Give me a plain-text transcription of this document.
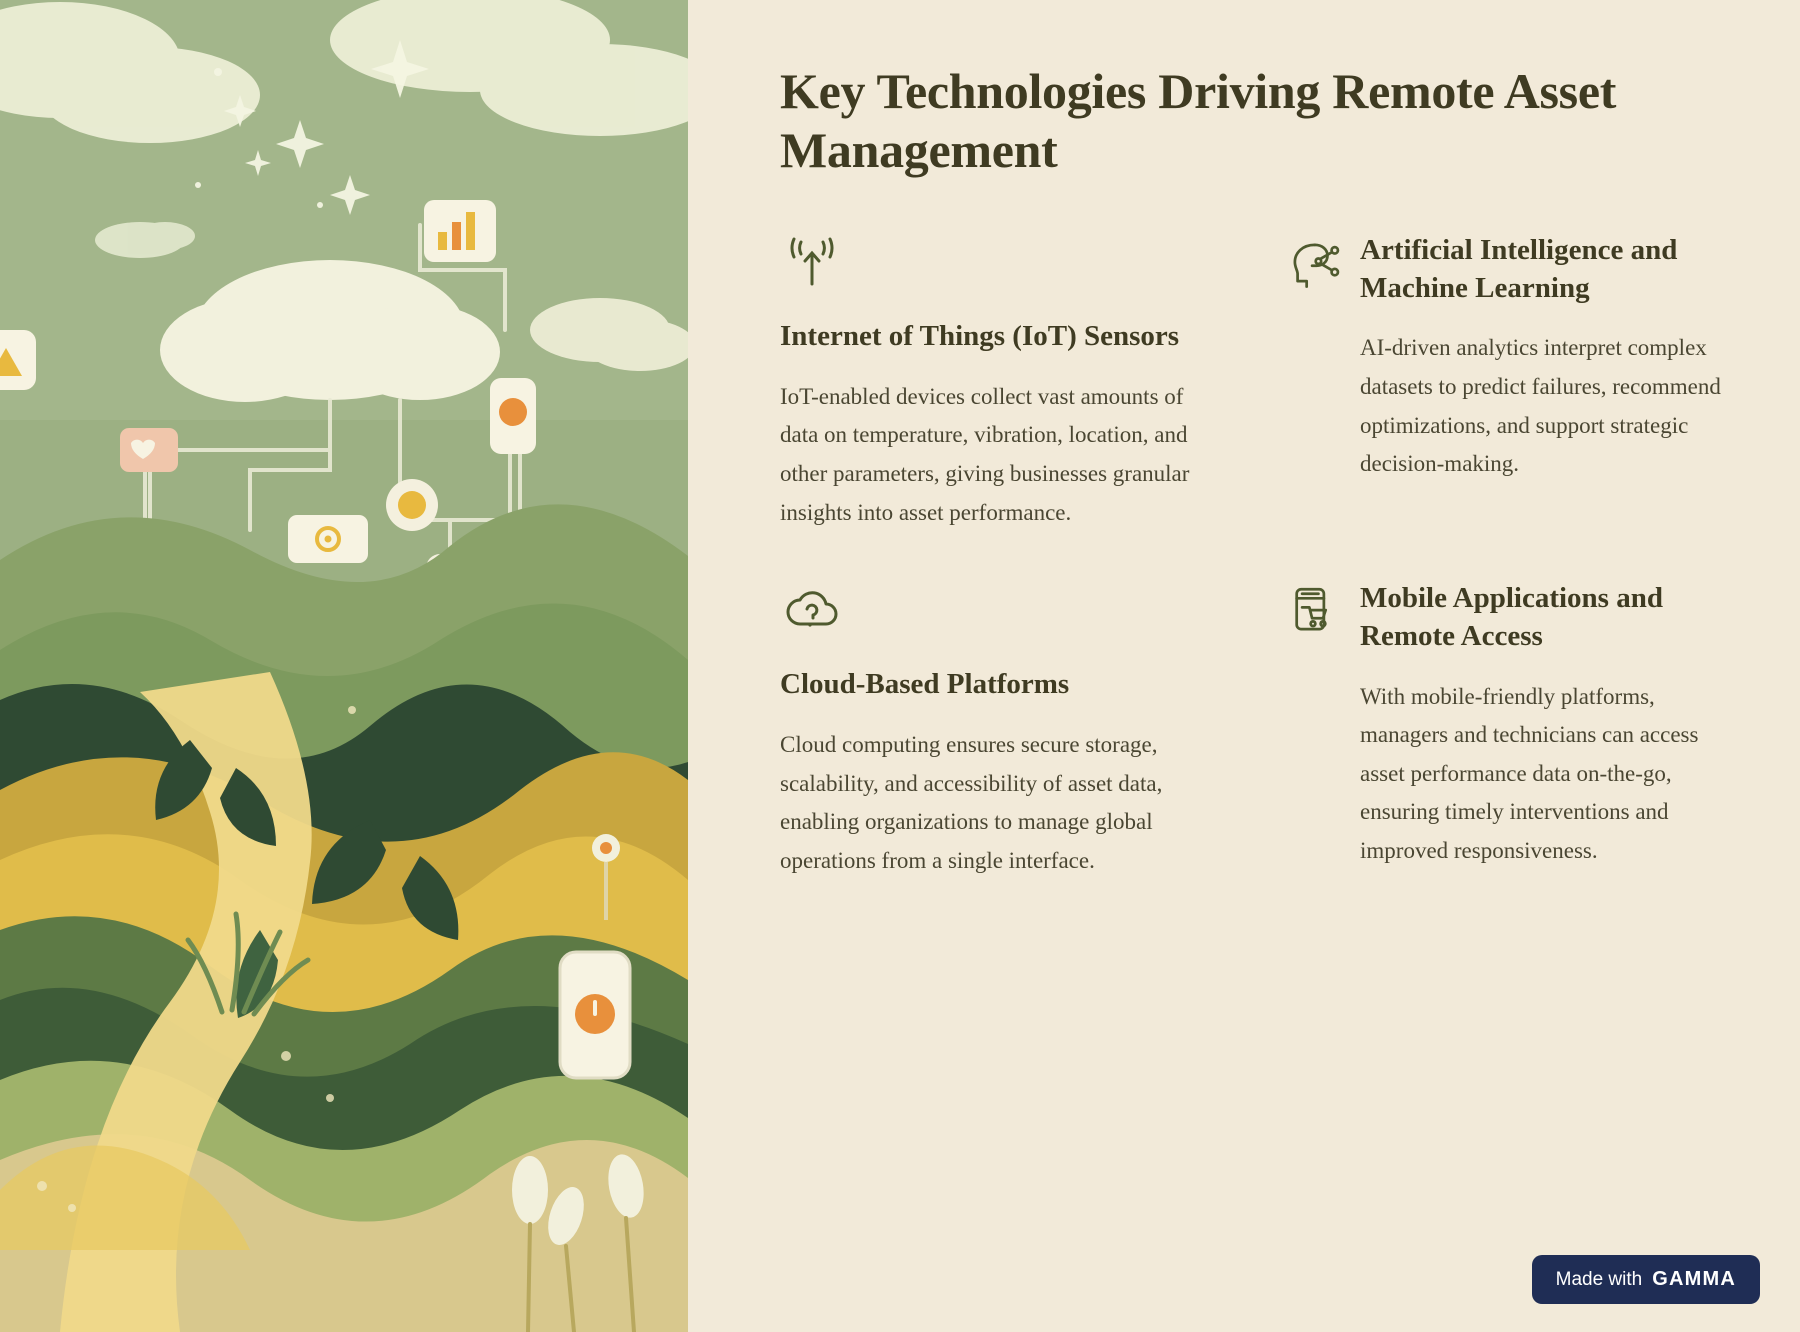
Key Technologies Driving Remote Asset Management
Internet of Things (IoT) Sensors

IoT-enabled devices collect vast amounts of data on temperature, vibration, location, and other parameters, giving businesses granular insights into asset performance.

Artificial Intelligence and Machine Learning

AI-driven analytics interpret complex datasets to predict failures, recommend optimizations, and support strategic decision-making.

Cloud-Based Platforms

Cloud computing ensures secure storage, scalability, and accessibility of asset data, enabling organizations to manage global operations from a single interface.

Mobile Applications and Remote Access

With mobile-friendly platforms, managers and technicians can access asset performance data on-the-go, ensuring timely interventions and improved responsiveness.

Made with GAMMA
